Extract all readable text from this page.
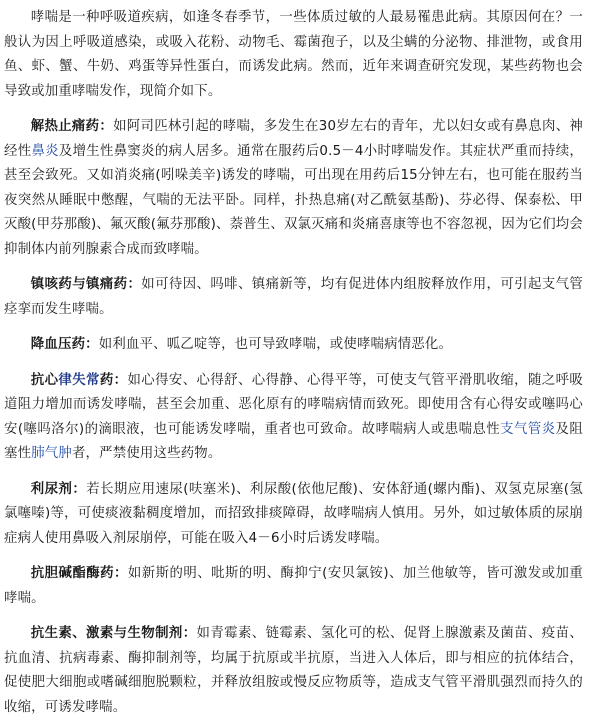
哮喘是一种呼吸道疾病，如逢冬春季节，一些体质过敏的人最易罹患此病。其原因何在？一般认为因上呼吸道感染，或吸入花粉、动物毛、霉菌孢子，以及尘螨的分泌物、排泄物，或食用鱼、虾、蟹、牛奶、鸡蛋等异性蛋白，而诱发此病。然而，近年来调查研究发现，某些药物也会导致或加重哮喘发作，现简介如下。

解热止痛药：如阿司匹林引起的哮喘，多发生在30岁左右的青年，尤以妇女或有鼻息肉、神经性鼻炎及增生性鼻窦炎的病人居多。通常在服药后0.5－4小时哮喘发作。其症状严重而持续，甚至会致死。又如消炎痛(吲哚美辛)诱发的哮喘，可出现在用药后15分钟左右，也可能在服药当夜突然从睡眠中憋醒，气喘的无法平卧。同样，扑热息痛(对乙酰氨基酚)、芬必得、保泰松、甲灭酸(甲芬那酸)、氟灭酸(氟芬那酸)、萘普生、双氯灭痛和炎痛喜康等也不容忽视，因为它们均会抑制体内前列腺素合成而致哮喘。

镇咳药与镇痛药：如可待因、吗啡、镇痛新等，均有促进体内组胺释放作用，可引起支气管痉挛而发生哮喘。

降血压药：如利血平、呱乙啶等，也可导致哮喘，或使哮喘病情恶化。

抗心律失常药：如心得安、心得舒、心得静、心得平等，可使支气管平滑肌收缩，随之呼吸道阻力增加而诱发哮喘，甚至会加重、恶化原有的哮喘病情而致死。即使用含有心得安或噻吗心安(噻吗洛尔)的滴眼液，也可能诱发哮喘，重者也可致命。故哮喘病人或患喘息性支气管炎及阻塞性肺气肿者，严禁使用这些药物。

利尿剂：若长期应用速尿(呋塞米)、利尿酸(依他尼酸)、安体舒通(螺内酯)、双氢克尿塞(氢氯噻嗪)等，可使痰液黏稠度增加，而招致排痰障碍，故哮喘病人慎用。另外，如过敏体质的尿崩症病人使用鼻吸入剂尿崩停，可能在吸入4－6小时后诱发哮喘。

抗胆碱酯酶药：如新斯的明、吡斯的明、酶抑宁(安贝氯铵)、加兰他敏等，皆可激发或加重哮喘。

抗生素、激素与生物制剂：如青霉素、链霉素、氢化可的松、促肾上腺激素及菌苗、疫苗、抗血清、抗病毒素、酶抑制剂等，均属于抗原或半抗原，当进入人体后，即与相应的抗体结合，促使肥大细胞或嗜碱细胞脱颗粒，并释放组胺或慢反应物质等，造成支气管平滑肌强烈而持久的收缩，可诱发哮喘。
